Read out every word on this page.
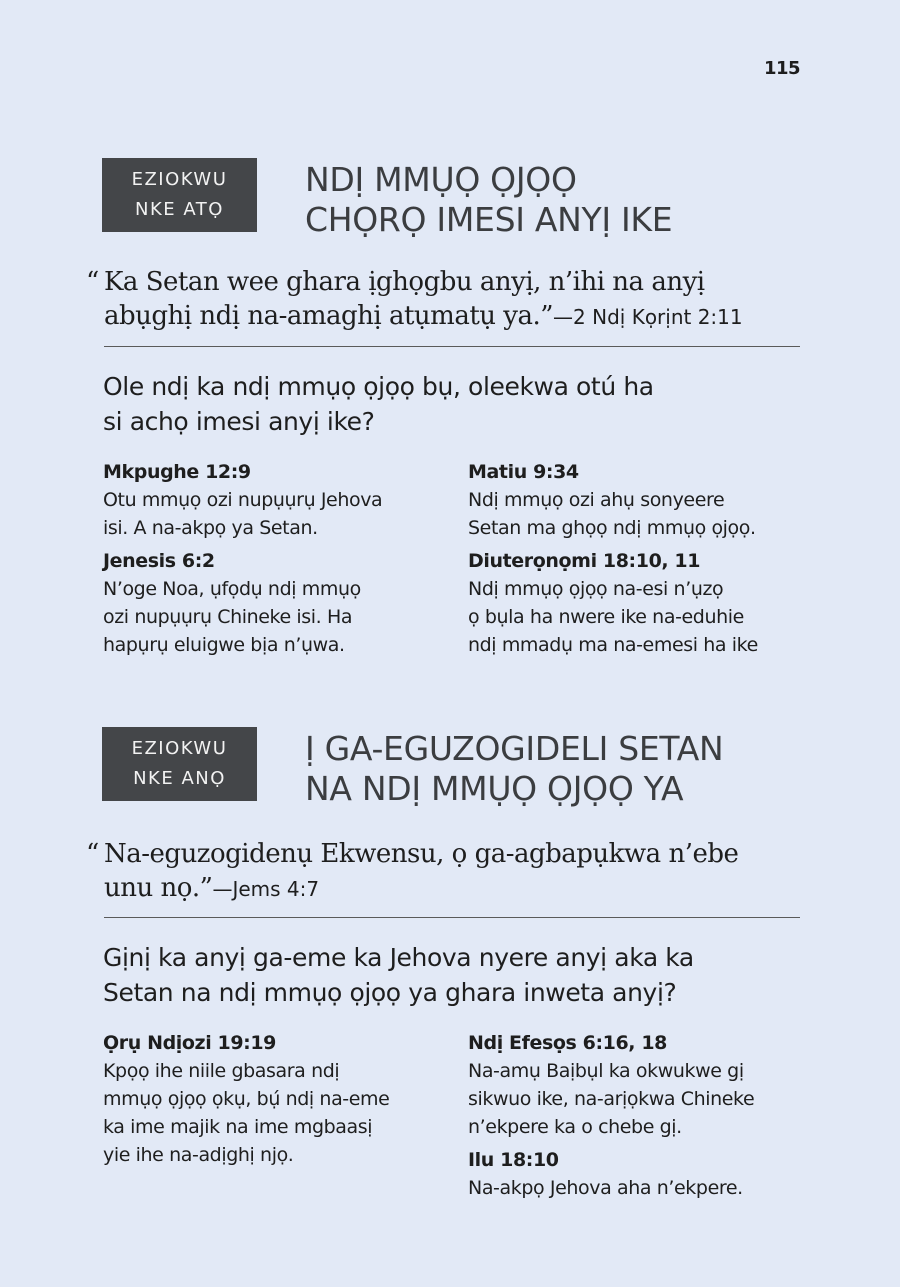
115
EZIOKWU
NKE ATỌ
NDỊ MMỤỌ ỌJỌỌ
CHỌRỌ IMESI ANYỊ IKE
“ Ka Setan wee ghara ịghọgbu anyị, n’ihi na anyị
abụghị ndị na-amaghị atụmatụ ya.”—2 Ndị Kọrịnt 2:11
Ole ndị ka ndị mmụọ ọjọọ bụ, oleekwa otú ha
si achọ imesi anyị ike?
Mkpughe 12:9
Otu mmụọ ozi nupụụrụ Jehova
isi. A na-akpọ ya Setan.
Jenesis 6:2
N’oge Noa, ụfọdụ ndị mmụọ
ozi nupụụrụ Chineke isi. Ha
hapụrụ eluigwe bịa n’ụwa.
Matiu 9:34
Ndị mmụọ ozi ahụ sonyeere
Setan ma ghọọ ndị mmụọ ọjọọ.
Diuterọnọmi 18:10, 11
Ndị mmụọ ọjọọ na-esi n’ụzọ
ọ bụla ha nwere ike na-eduhie
ndị mmadụ ma na-emesi ha ike
EZIOKWU
NKE ANỌ
Ị GA-EGUZOGIDELI SETAN
NA NDỊ MMỤỌ ỌJỌỌ YA
“ Na-eguzogidenụ Ekwensu, ọ ga-agbapụkwa n’ebe
unu nọ.”—Jems 4:7
Gịnị ka anyị ga-eme ka Jehova nyere anyị aka ka
Setan na ndị mmụọ ọjọọ ya ghara inweta anyị?
Ọrụ Ndịozi 19:19
Kpọọ ihe niile gbasara ndị
mmụọ ọjọọ ọkụ, bụ́ ndị na-eme
ka ime majik na ime mgbaasị
yie ihe na-adịghị njọ.
Ndị Efesọs 6:16, 18
Na-amụ Baịbụl ka okwukwe gị
sikwuo ike, na-arịọkwa Chineke
n’ekpere ka o chebe gị.
Ilu 18:10
Na-akpọ Jehova aha n’ekpere.
